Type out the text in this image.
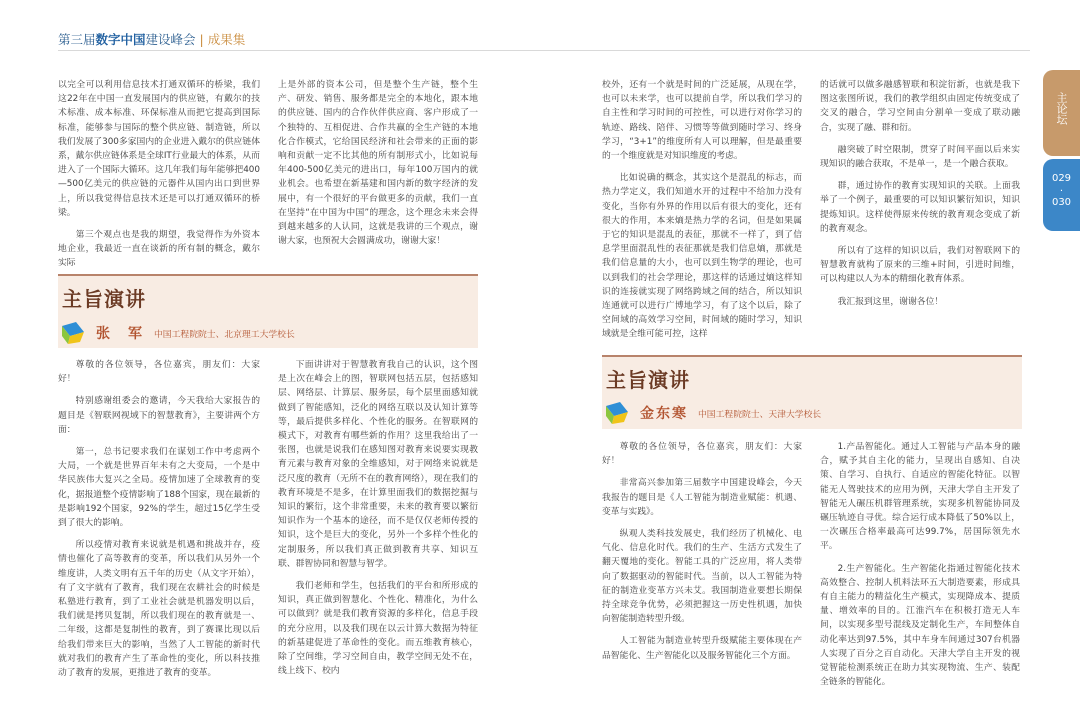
第三届数字中国建设峰会 | 成果集
主论坛
029
·
030

以完全可以利用信息技术打通双循环的桥梁，我们这22年在中国一直发展国内的供应链，有戴尔的技术标准、成本标准、环保标准从而把它提高到国际标准，能够参与国际的整个供应链、制造链，所以我们发展了300多家国内的企业进入戴尔的供应链体系，戴尔供应链体系是全球IT行业最大的体系，从而进入了一个国际大循环。这几年我们每年能够把400—500亿美元的供应链的元器件从国内出口到世界上，所以我觉得信息技术还是可以打通双循环的桥梁。

第三个观点也是我的期望，我觉得作为外资本地企业，我最近一直在谈新的所有制的概念，戴尔实际

上是外部的资本公司，但是整个生产链，整个生产、研发、销售、服务都是完全的本地化，跟本地的供应链、国内的合作伙伴供应商、客户形成了一个独特的、互相促进、合作共赢的全生产链的本地化合作模式，它给国民经济和社会带来的正面的影响和贡献一定不比其他的所有制形式小，比如说每年400-500亿美元的进出口，每年100万国内的就业机会。也希望在新基建和国内新的数字经济的发展中，有一个很好的平台做更多的贡献，我们一直在坚持“在中国为中国”的理念，这个理念未来会得到越来越多的人认同，这就是我讲的三个观点，谢谢大家，也预祝大会圆满成功，谢谢大家！

主旨演讲
张　军 中国工程院院士、北京理工大学校长

尊敬的各位领导，各位嘉宾，朋友们：大家好！

特别感谢组委会的邀请，今天我给大家报告的题目是《智联网视域下的智慧教育》，主要讲两个方面：

第一，总书记要求我们在谋划工作中考虑两个大局，一个就是世界百年未有之大变局，一个是中华民族伟大复兴之全局。疫情加速了全球教育的变化，据报道整个疫情影响了188个国家，现在最新的是影响192个国家，92%的学生，超过15亿学生受到了很大的影响。

所以疫情对教育来说就是机遇和挑战并存，疫情也催化了高等教育的变革，所以我们从另外一个维度讲，人类文明有五千年的历史（从文字开始），有了文字就有了教育，我们现在农耕社会的时候是私塾进行教育，到了工业社会就是机器发明以后，我们就是拷贝复制，所以我们现在的教育就是一、二年级，这都是复制性的教育，到了赛课比现以后给我们带来巨大的影响，当然了人工智能的新时代就对我们的教育产生了革命性的变化，所以科技推动了教育的发展，更推进了教育的变革。

下面讲讲对于智慧教育我自己的认识，这个图是上次在峰会上的图，智联网包括五层，包括感知层、网络层、计算层、服务层，每个层里面感知就做到了智能感知，泛化的网络互联以及认知计算等等，最后提供多样化、个性化的服务。在智联网的模式下，对教育有哪些新的作用？这里我给出了一张图，也就是说我们在感知图对教育来说要实现教育元素与教育对象的全维感知，对于网络来说就是泛尺度的教育（无所不在的教育网络），现在我们的教育环境是不是多，在计算里面我们的数据挖掘与知识的繁衍，这个非常重要，未来的教育要以繁衍知识作为一个基本的途径，而不是仅仅老师传授的知识，这个是巨大的变化，另外一个多样个性化的定制服务，所以我们真正做到教育共享、知识互联、群智协同和智慧与智学。

我们老师和学生，包括我们的平台和所形成的知识，真正做到智慧化、个性化、精准化，为什么可以做到？就是我们教育资源的多样化，信息手段的充分应用，以及我们现在以云计算大数据为特征的新基建促进了革命性的变化。而五维教育核心，除了空间维，学习空间自由，教学空间无处不在，线上线下、校内

校外，还有一个就是时间的广泛延展，从现在学，也可以未来学，也可以提前自学，所以我们学习的自主性和学习时间的可控性，可以进行对你学习的轨迹、路线、陪伴、习惯等等做到随时学习、终身学习，“3+1”的维度所有人可以理解，但是最重要的一个维度就是对知识维度的考虑。

比如说确的概念，其实这个是混乱的标志，而热力学定义，我们知道水开的过程中不给加力没有变化，当你有外界的作用以后有很大的变化，还有很大的作用，本来熵是热力学的名词，但是如果属于它的知识是混乱的表征，那就不一样了，到了信息学里面混乱性的表征那就是我们信息熵，那就是我们信息量的大小，也可以到生物学的理论，也可以到我们的社会学理论，那这样的话通过熵这样知识的连接就实现了网络跨域之间的结合，所以知识连通就可以进行广博地学习，有了这个以后，除了空间域的高效学习空间，时间域的随时学习，知识域就是全维可能可控，这样

的话就可以做多融感智联和积淀衍新，也就是我下图这张图所说，我们的教学组织由固定传统变成了交叉的融合，学习空间由分割单一变成了联动融合，实现了融、群和衍。

融突破了时空限制，贯穿了时间平面以后来实现知识的融合获取，不是单一，是一个融合获取。

群，通过协作的教育实现知识的关联。上面我举了一个例子，最重要的可以知识繁衍知识，知识提炼知识。这样使得原来传统的教育观念变成了新的教育观念。

所以有了这样的知识以后，我们对智联网下的智慧教育就构了原来的三维+时间，引进时间维，可以构建以人为本的精细化教育体系。

我汇报到这里，谢谢各位！

主旨演讲
金东寒 中国工程院院士、天津大学校长

尊敬的各位领导，各位嘉宾，朋友们：大家好！

非常高兴参加第三届数字中国建设峰会，今天我报告的题目是《人工智能为制造业赋能：机遇、变革与实践》。

纵观人类科技发展史，我们经历了机械化、电气化、信息化时代。我们的生产、生活方式发生了翻天覆地的变化。智能工具的广泛应用，将人类带向了数据驱动的智能时代。当前，以人工智能为特征的制造业变革方兴未艾。我国制造业要想长期保持全球竞争优势，必须把握这一历史性机遇，加快向智能制造转型升级。

人工智能为制造业转型升级赋能主要体现在产品智能化、生产智能化以及服务智能化三个方面。

1.产品智能化。通过人工智能与产品本身的融合，赋予其自主化的能力，呈现出自感知、自决策、自学习、自执行、自适应的智能化特征。以智能无人驾驶技术的应用为例，天津大学自主开发了智能无人碾压机群管理系统，实现多机智能协同及碾压轨迹自寻优。综合运行成本降低了50%以上，一次碾压合格率最高可达99.7%，居国际领先水平。

2.生产智能化。生产智能化指通过智能化技术高效整合、控制人机料法环五大制造要素，形成具有自主能力的精益化生产模式，实现降成本、提质量、增效率的目的。江淮汽车在积极打造无人车间，以实现多型号混线及定制化生产，车间整体自动化率达到97.5%，其中车身车间通过307台机器人实现了百分之百自动化。天津大学自主开发的视觉智能检测系统正在助力其实现物流、生产、装配全链条的智能化。
